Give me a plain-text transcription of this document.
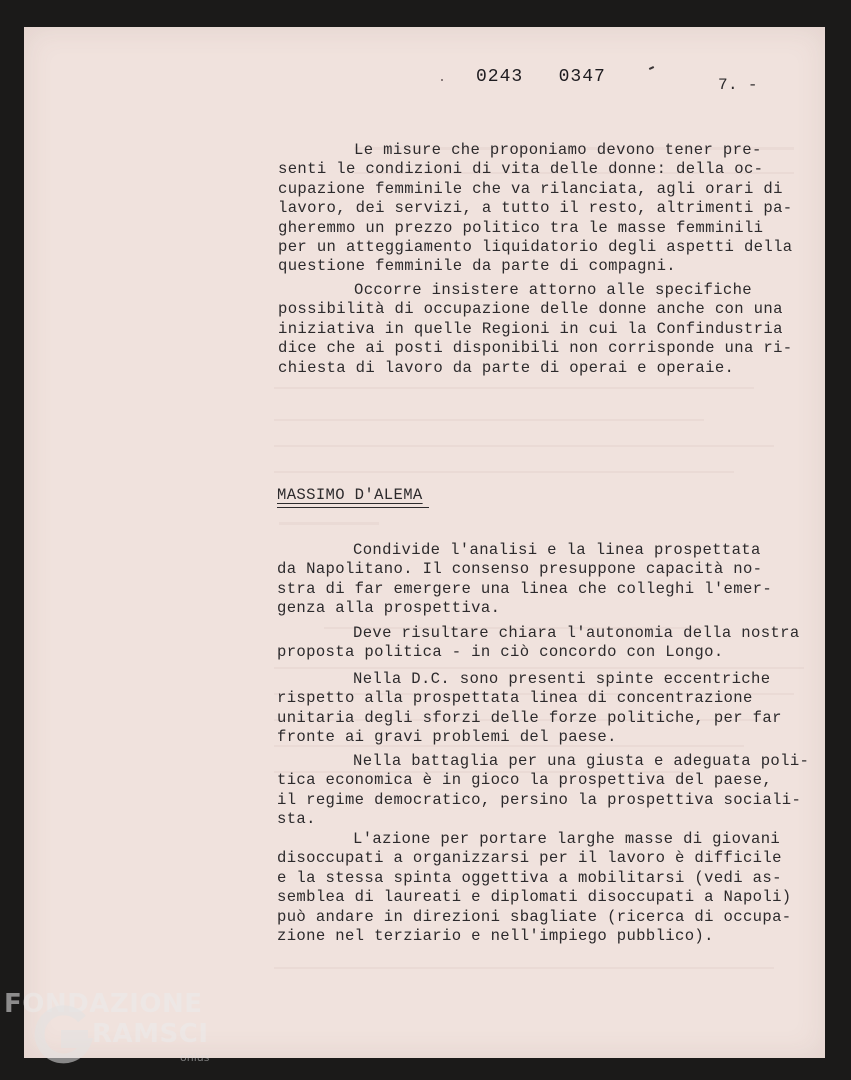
0243   0347	7. -

Le misure che proponiamo devono tener pre-
senti le condizioni di vita delle donne: della oc-
cupazione femminile che va rilanciata, agli orari di
lavoro, dei servizi, a tutto il resto, altrimenti pa-
gheremmo un prezzo politico tra le masse femminili
per un atteggiamento liquidatorio degli aspetti della
questione femminile da parte di compagni.

Occorre insistere attorno alle specifiche
possibilità di occupazione delle donne anche con una
iniziativa in quelle Regioni in cui la Confindustria
dice che ai posti disponibili non corrisponde una ri-
chiesta di lavoro da parte di operai e operaie.

MASSIMO D'ALEMA

Condivide l'analisi e la linea prospettata
da Napolitano. Il consenso presuppone capacità no-
stra di far emergere una linea che colleghi l'emer-
genza alla prospettiva.

Deve risultare chiara l'autonomia della nostra
proposta politica - in ciò concordo con Longo.

Nella D.C. sono presenti spinte eccentriche
rispetto alla prospettata linea di concentrazione
unitaria degli sforzi delle forze politiche, per far
fronte ai gravi problemi del paese.

Nella battaglia per una giusta e adeguata poli-
tica economica è in gioco la prospettiva del paese,
il regime democratico, persino la prospettiva sociali-
sta.

L'azione per portare larghe masse di giovani
disoccupati a organizzarsi per il lavoro è difficile
e la stessa spinta oggettiva a mobilitarsi (vedi as-
semblea di laureati e diplomati disoccupati a Napoli)
può andare in direzioni sbagliate (ricerca di occupa-
zione nel terziario e nell'impiego pubblico).

FONDAZIONE
RAMSCI
onlus
